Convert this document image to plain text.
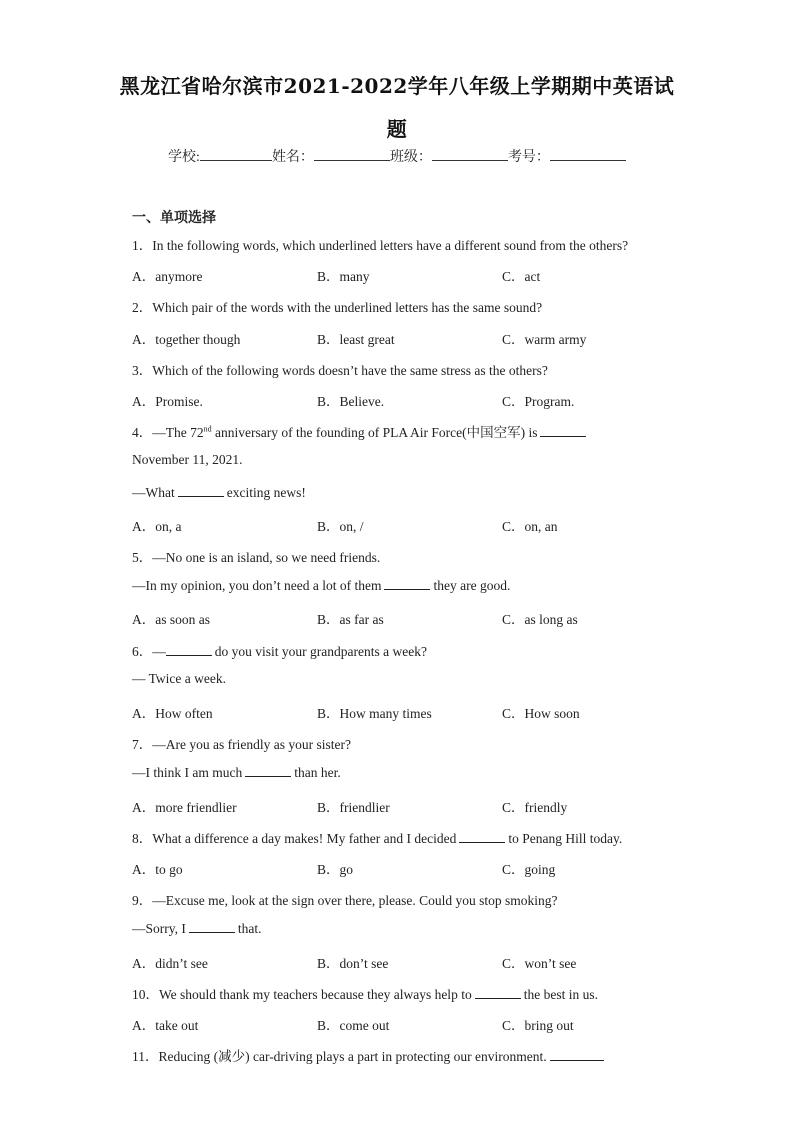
黑龙江省哈尔滨市2021-2022学年八年级上学期期中英语试
题
学校:	姓名：	班级：	考号：
一、单项选择
1．In the following words, which underlined letters have a different sound from the others?
A．anymore	B．many	C．act
2．Which pair of the words with the underlined letters has the same sound?
A．together though	B．least great	C．warm army
3．Which of the following words doesn’t have the same stress as the others?
A．Promise.	B．Believe.	C．Program.
4．—The 72nd anniversary of the founding of PLA Air Force(中国空军) is
November 11, 2021.
—What	exciting news!
A．on, a	B．on, /	C．on, an
5．—No one is an island, so we need friends.
—In my opinion, you don’t need a lot of them	they are good.
A．as soon as	B．as far as	C．as long as
6．—	do you visit your grandparents a week?
— Twice a week.
A．How often	B．How many times	C．How soon
7．—Are you as friendly as your sister?
—I think I am much	than her.
A．more friendlier	B．friendlier	C．friendly
8．What a difference a day makes! My father and I decided	to Penang Hill today.
A．to go	B．go	C．going
9．—Excuse me, look at the sign over there, please. Could you stop smoking?
—Sorry, I	that.
A．didn’t see	B．don’t see	C．won’t see
10．We should thank my teachers because they always help to	the best in us.
A．take out	B．come out	C．bring out
11．Reducing (减少) car-driving plays a part in protecting our environment.
